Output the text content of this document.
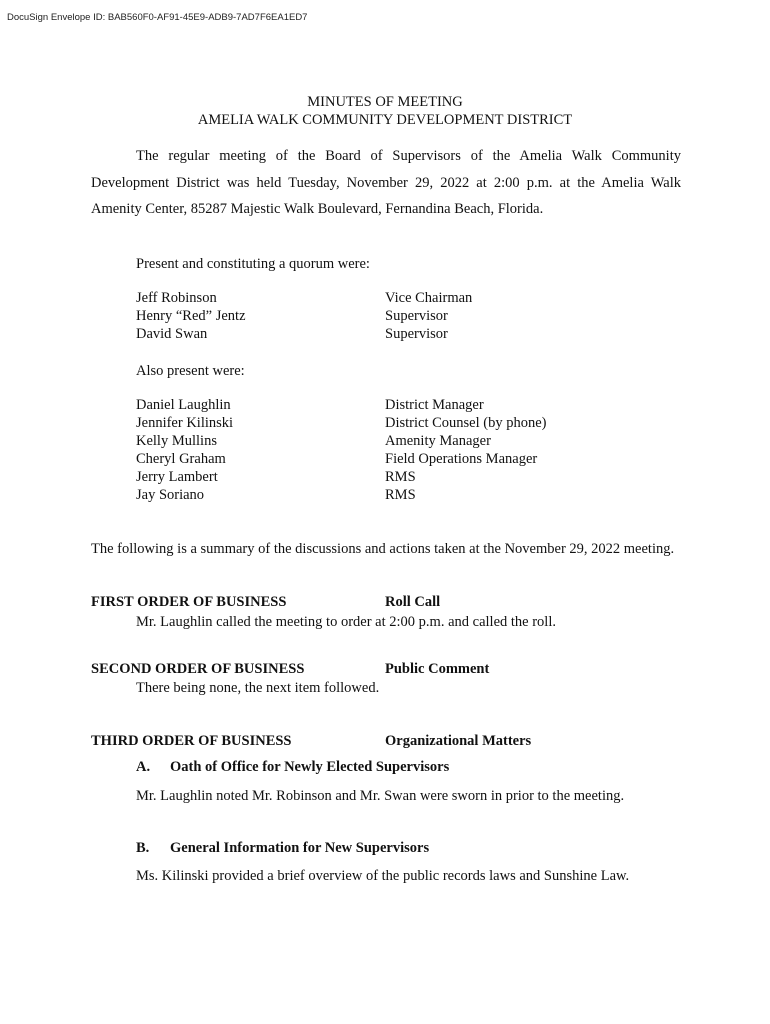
DocuSign Envelope ID: BAB560F0-AF91-45E9-ADB9-7AD7F6EA1ED7
MINUTES OF MEETING
AMELIA WALK COMMUNITY DEVELOPMENT DISTRICT
The regular meeting of the Board of Supervisors of the Amelia Walk Community Development District was held Tuesday, November 29, 2022 at 2:00 p.m. at the Amelia Walk Amenity Center, 85287 Majestic Walk Boulevard, Fernandina Beach, Florida.
Present and constituting a quorum were:
Jeff Robinson	Vice Chairman
Henry “Red” Jentz	Supervisor
David Swan	Supervisor
Also present were:
Daniel Laughlin	District Manager
Jennifer Kilinski	District Counsel (by phone)
Kelly Mullins	Amenity Manager
Cheryl Graham	Field Operations Manager
Jerry Lambert	RMS
Jay Soriano	RMS
The following is a summary of the discussions and actions taken at the November 29, 2022 meeting.
FIRST ORDER OF BUSINESS	Roll Call
Mr. Laughlin called the meeting to order at 2:00 p.m. and called the roll.
SECOND ORDER OF BUSINESS	Public Comment
There being none, the next item followed.
THIRD ORDER OF BUSINESS	Organizational Matters
A. Oath of Office for Newly Elected Supervisors
Mr. Laughlin noted Mr. Robinson and Mr. Swan were sworn in prior to the meeting.
B. General Information for New Supervisors
Ms. Kilinski provided a brief overview of the public records laws and Sunshine Law.
